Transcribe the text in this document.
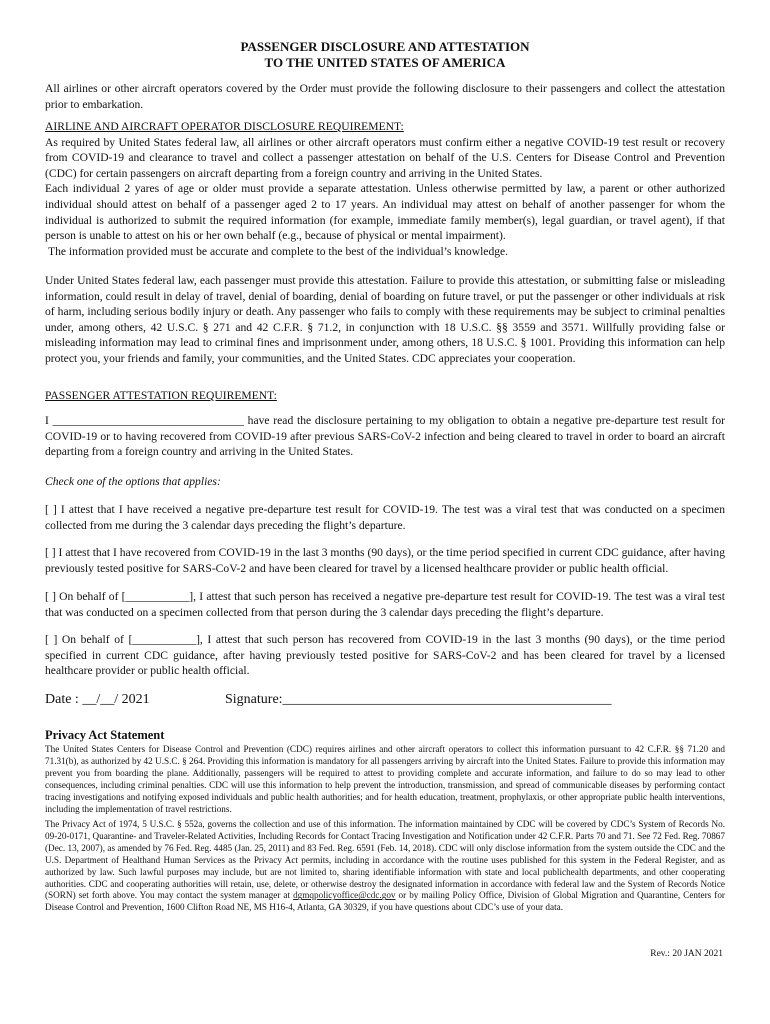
PASSENGER DISCLOSURE AND ATTESTATION
TO THE UNITED STATES OF AMERICA
All airlines or other aircraft operators covered by the Order must provide the following disclosure to their passengers and collect the attestation prior to embarkation.
AIRLINE AND AIRCRAFT OPERATOR DISCLOSURE REQUIREMENT:
As required by United States federal law, all airlines or other aircraft operators must confirm either a negative COVID-19 test result or recovery from COVID-19 and clearance to travel and collect a passenger attestation on behalf of the U.S. Centers for Disease Control and Prevention (CDC) for certain passengers on aircraft departing from a foreign country and arriving in the United States.
Each individual 2 yares of age or older must provide a separate attestation. Unless otherwise permitted by law, a parent or other authorized individual should attest on behalf of a passenger aged 2 to 17 years. An individual may attest on behalf of another passenger for whom the individual is authorized to submit the required information (for example, immediate family member(s), legal guardian, or travel agent), if that person is unable to attest on his or her own behalf (e.g., because of physical or mental impairment).
The information provided must be accurate and complete to the best of the individual’s knowledge.
Under United States federal law, each passenger must provide this attestation. Failure to provide this attestation, or submitting false or misleading information, could result in delay of travel, denial of boarding, denial of boarding on future travel, or put the passenger or other individuals at risk of harm, including serious bodily injury or death. Any passenger who fails to comply with these requirements may be subject to criminal penalties under, among others, 42 U.S.C. § 271 and 42 C.F.R. § 71.2, in conjunction with 18 U.S.C. §§ 3559 and 3571. Willfully providing false or misleading information may lead to criminal fines and imprisonment under, among others, 18 U.S.C. § 1001. Providing this information can help protect you, your friends and family, your communities, and the United States. CDC appreciates your cooperation.
PASSENGER ATTESTATION REQUIREMENT:
I _________________________________ have read the disclosure pertaining to my obligation to obtain a negative pre-departure test result for COVID-19 or to having recovered from COVID-19 after previous SARS-CoV-2 infection and being cleared to travel in order to board an aircraft departing from a foreign country and arriving in the United States.
Check one of the options that applies:
[ ] I attest that I have received a negative pre-departure test result for COVID-19. The test was a viral test that was conducted on a specimen collected from me during the 3 calendar days preceding the flight’s departure.
[ ] I attest that I have recovered from COVID-19 in the last 3 months (90 days), or the time period specified in current CDC guidance, after having previously tested positive for SARS-CoV-2 and have been cleared for travel by a licensed healthcare provider or public health official.
[ ] On behalf of [___________], I attest that such person has received a negative pre-departure test result for COVID-19. The test was a viral test that was conducted on a specimen collected from that person during the 3 calendar days preceding the flight’s departure.
[ ] On behalf of [___________], I attest that such person has recovered from COVID-19 in the last 3 months (90 days), or the time period specified in current CDC guidance, after having previously tested positive for SARS-CoV-2 and has been cleared for travel by a licensed healthcare provider or public health official.
Date : __/__/ 2021	Signature:_______________________________________________
Privacy Act Statement
The United States Centers for Disease Control and Prevention (CDC) requires airlines and other aircraft operators to collect this information pursuant to 42 C.F.R. §§ 71.20 and 71.31(b), as authorized by 42 U.S.C. § 264. Providing this information is mandatory for all passengers arriving by aircraft into the United States. Failure to provide this information may prevent you from boarding the plane. Additionally, passengers will be required to attest to providing complete and accurate information, and failure to do so may lead to other consequences, including criminal penalties. CDC will use this information to help prevent the introduction, transmission, and spread of communicable diseases by performing contact tracing investigations and notifying exposed individuals and public health authorities; and for health education, treatment, prophylaxis, or other appropriate public health interventions, including the implementation of travel restrictions.
The Privacy Act of 1974, 5 U.S.C. § 552a, governs the collection and use of this information. The information maintained by CDC will be covered by CDC’s System of Records No. 09-20-0171, Quarantine- and Traveler-Related Activities, Including Records for Contact Tracing Investigation and Notification under 42 C.F.R. Parts 70 and 71. See 72 Fed. Reg. 70867 (Dec. 13, 2007), as amended by 76 Fed. Reg. 4485 (Jan. 25, 2011) and 83 Fed. Reg. 6591 (Feb. 14, 2018). CDC will only disclose information from the system outside the CDC and the U.S. Department of Healthand Human Services as the Privacy Act permits, including in accordance with the routine uses published for this system in the Federal Register, and as authorized by law. Such lawful purposes may include, but are not limited to, sharing identifiable information with state and local publichealth departments, and other cooperating authorities. CDC and cooperating authorities will retain, use, delete, or otherwise destroy the designated information in accordance with federal law and the System of Records Notice (SORN) set forth above. You may contact the system manager at dgmqpolicyoffice@cdc.gov or by mailing Policy Office, Division of Global Migration and Quarantine, Centers for Disease Control and Prevention, 1600 Clifton Road NE, MS H16-4, Atlanta, GA 30329, if you have questions about CDC’s use of your data.
Rev.: 20 JAN 2021
